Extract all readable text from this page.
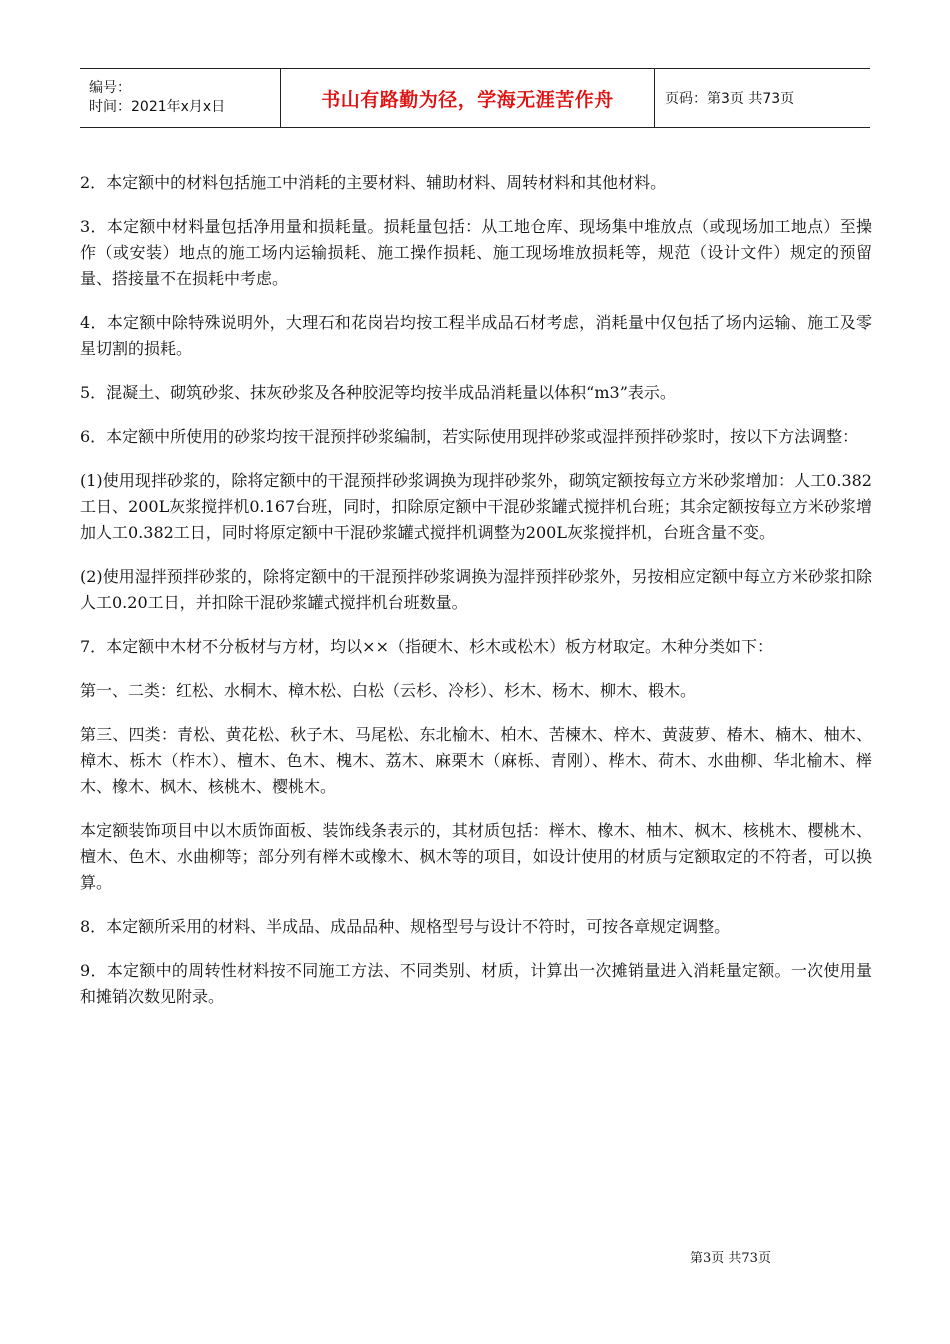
编号：
时间：2021年x月x日	书山有路勤为径，学海无涯苦作舟	页码：第3页 共73页

2．本定额中的材料包括施工中消耗的主要材料、辅助材料、周转材料和其他材料。

3．本定额中材料量包括净用量和损耗量。损耗量包括：从工地仓库、现场集中堆放点（或现场加工地点）至操作（或安装）地点的施工场内运输损耗、施工操作损耗、施工现场堆放损耗等，规范（设计文件）规定的预留量、搭接量不在损耗中考虑。

4．本定额中除特殊说明外，大理石和花岗岩均按工程半成品石材考虑，消耗量中仅包括了场内运输、施工及零星切割的损耗。

5．混凝土、砌筑砂浆、抹灰砂浆及各种胶泥等均按半成品消耗量以体积“m3”表示。

6．本定额中所使用的砂浆均按干混预拌砂浆编制，若实际使用现拌砂浆或湿拌预拌砂浆时，按以下方法调整：

(1)使用现拌砂浆的，除将定额中的干混预拌砂浆调换为现拌砂浆外，砌筑定额按每立方米砂浆增加：人工0.382工日、200L灰浆搅拌机0.167台班，同时，扣除原定额中干混砂浆罐式搅拌机台班；其余定额按每立方米砂浆增加人工0.382工日，同时将原定额中干混砂浆罐式搅拌机调整为200L灰浆搅拌机，台班含量不变。

(2)使用湿拌预拌砂浆的，除将定额中的干混预拌砂浆调换为湿拌预拌砂浆外，另按相应定额中每立方米砂浆扣除人工0.20工日，并扣除干混砂浆罐式搅拌机台班数量。

7．本定额中木材不分板材与方材，均以××（指硬木、杉木或松木）板方材取定。木种分类如下：

第一、二类：红松、水桐木、樟木松、白松（云杉、冷杉）、杉木、杨木、柳木、椴木。

第三、四类：青松、黄花松、秋子木、马尾松、东北榆木、柏木、苦楝木、梓木、黄菠萝、椿木、楠木、柚木、樟木、栎木（柞木）、檀木、色木、槐木、荔木、麻栗木（麻栎、青刚）、桦木、荷木、水曲柳、华北榆木、榉木、橡木、枫木、核桃木、樱桃木。

本定额装饰项目中以木质饰面板、装饰线条表示的，其材质包括：榉木、橡木、柚木、枫木、核桃木、樱桃木、檀木、色木、水曲柳等；部分列有榉木或橡木、枫木等的项目，如设计使用的材质与定额取定的不符者，可以换算。

8．本定额所采用的材料、半成品、成品品种、规格型号与设计不符时，可按各章规定调整。

9．本定额中的周转性材料按不同施工方法、不同类别、材质，计算出一次摊销量进入消耗量定额。一次使用量和摊销次数见附录。

第3页 共73页
